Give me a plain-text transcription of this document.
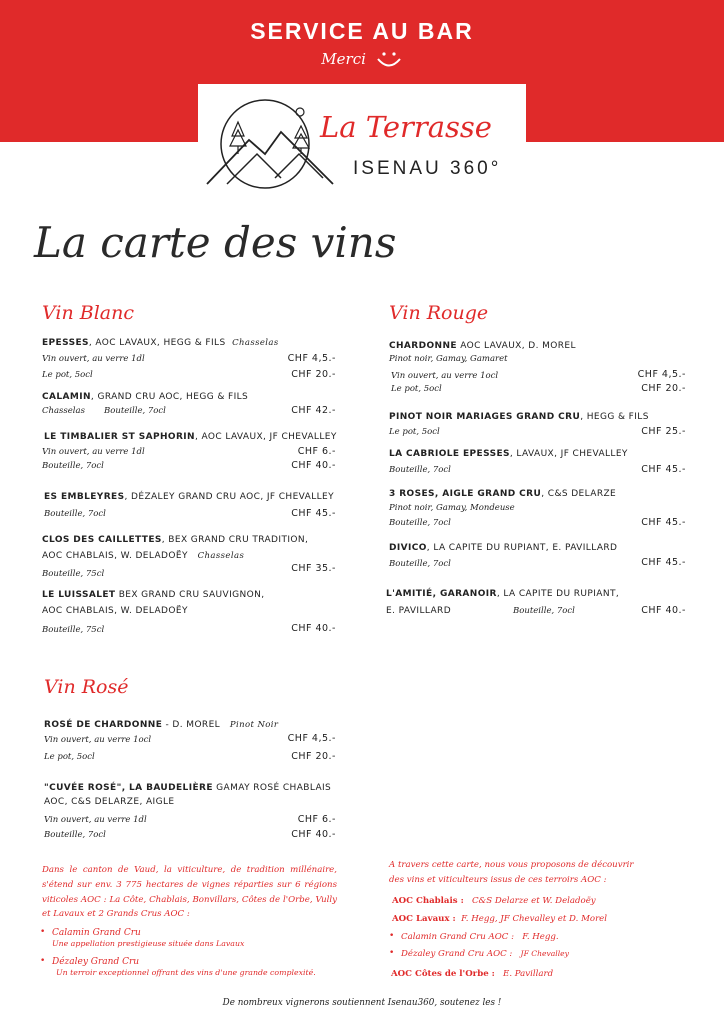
SERVICE AU BAR
Merci
La Terrasse
ISENAU 360°
La carte des vins
Vin Blanc
EPESSES, AOC LAVAUX, HEGG & FILS Chasselas
Vin ouvert, au verre 1dl	CHF 4,5.-
Le pot, 5ocl	CHF 20.-
CALAMIN, GRAND CRU AOC, HEGG & FILS
Chasselas Bouteille, 7ocl	CHF 42.-
LE TIMBALIER ST SAPHORIN, AOC LAVAUX, JF CHEVALLEY
Vin ouvert, au verre 1dl	CHF 6.-
Bouteille, 7ocl	CHF 40.-
ES EMBLEYRES, DÉZALEY GRAND CRU AOC, JF CHEVALLEY
Bouteille, 7ocl	CHF 45.-
CLOS DES CAILLETTES, BEX GRAND CRU TRADITION,
AOC CHABLAIS, W. DELADOËY Chasselas
Bouteille, 75cl	CHF 35.-
LE LUISSALET BEX GRAND CRU SAUVIGNON,
AOC CHABLAIS, W. DELADOËY
Bouteille, 75cl	CHF 40.-
Vin Rouge
CHARDONNE AOC LAVAUX, D. MOREL
Pinot noir, Gamay, Gamaret
Vin ouvert, au verre 1ocl	CHF 4,5.-
Le pot, 5ocl	CHF 20.-
PINOT NOIR MARIAGES GRAND CRU, HEGG & FILS
Le pot, 5ocl	CHF 25.-
LA CABRIOLE EPESSES, LAVAUX, JF CHEVALLEY
Bouteille, 7ocl	CHF 45.-
3 ROSES, AIGLE GRAND CRU, C&S DELARZE
Pinot noir, Gamay, Mondeuse
Bouteille, 7ocl	CHF 45.-
DIVICO, LA CAPITE DU RUPIANT, E. PAVILLARD
Bouteille, 7ocl	CHF 45.-
L'AMITIÉ, GARANOIR, LA CAPITE DU RUPIANT,
E. PAVILLARD	Bouteille, 7ocl	CHF 40.-
Vin Rosé
ROSÉ DE CHARDONNE - D. MOREL Pinot Noir
Vin ouvert, au verre 1ocl	CHF 4,5.-
Le pot, 5ocl	CHF 20.-
"CUVÉE ROSÉ", LA BAUDELIÈRE GAMAY ROSÉ CHABLAIS
AOC, C&S DELARZE, AIGLE
Vin ouvert, au verre 1dl	CHF 6.-
Bouteille, 7ocl	CHF 40.-
Dans le canton de Vaud, la viticulture, de tradition millénaire, s'étend sur env. 3 775 hectares de vignes réparties sur 6 régions viticoles AOC : La Côte, Chablais, Bonvillars, Côtes de l'Orbe, Vully et Lavaux et 2 Grands Crus AOC :
• Calamin Grand Cru
Une appellation prestigieuse située dans Lavaux
• Dézaley Grand Cru
Un terroir exceptionnel offrant des vins d'une grande complexité.
A travers cette carte, nous vous proposons de découvrir
des vins et viticulteurs issus de ces terroirs AOC :
AOC Chablais : C&S Delarze et W. Deladoëy
AOC Lavaux : F. Hegg, JF Chevalley et D. Morel
• Calamin Grand Cru AOC : F. Hegg.
• Dézaley Grand Cru AOC : JF Chevalley
AOC Côtes de l'Orbe : E. Pavillard
De nombreux vignerons soutiennent Isenau360, soutenez les !
